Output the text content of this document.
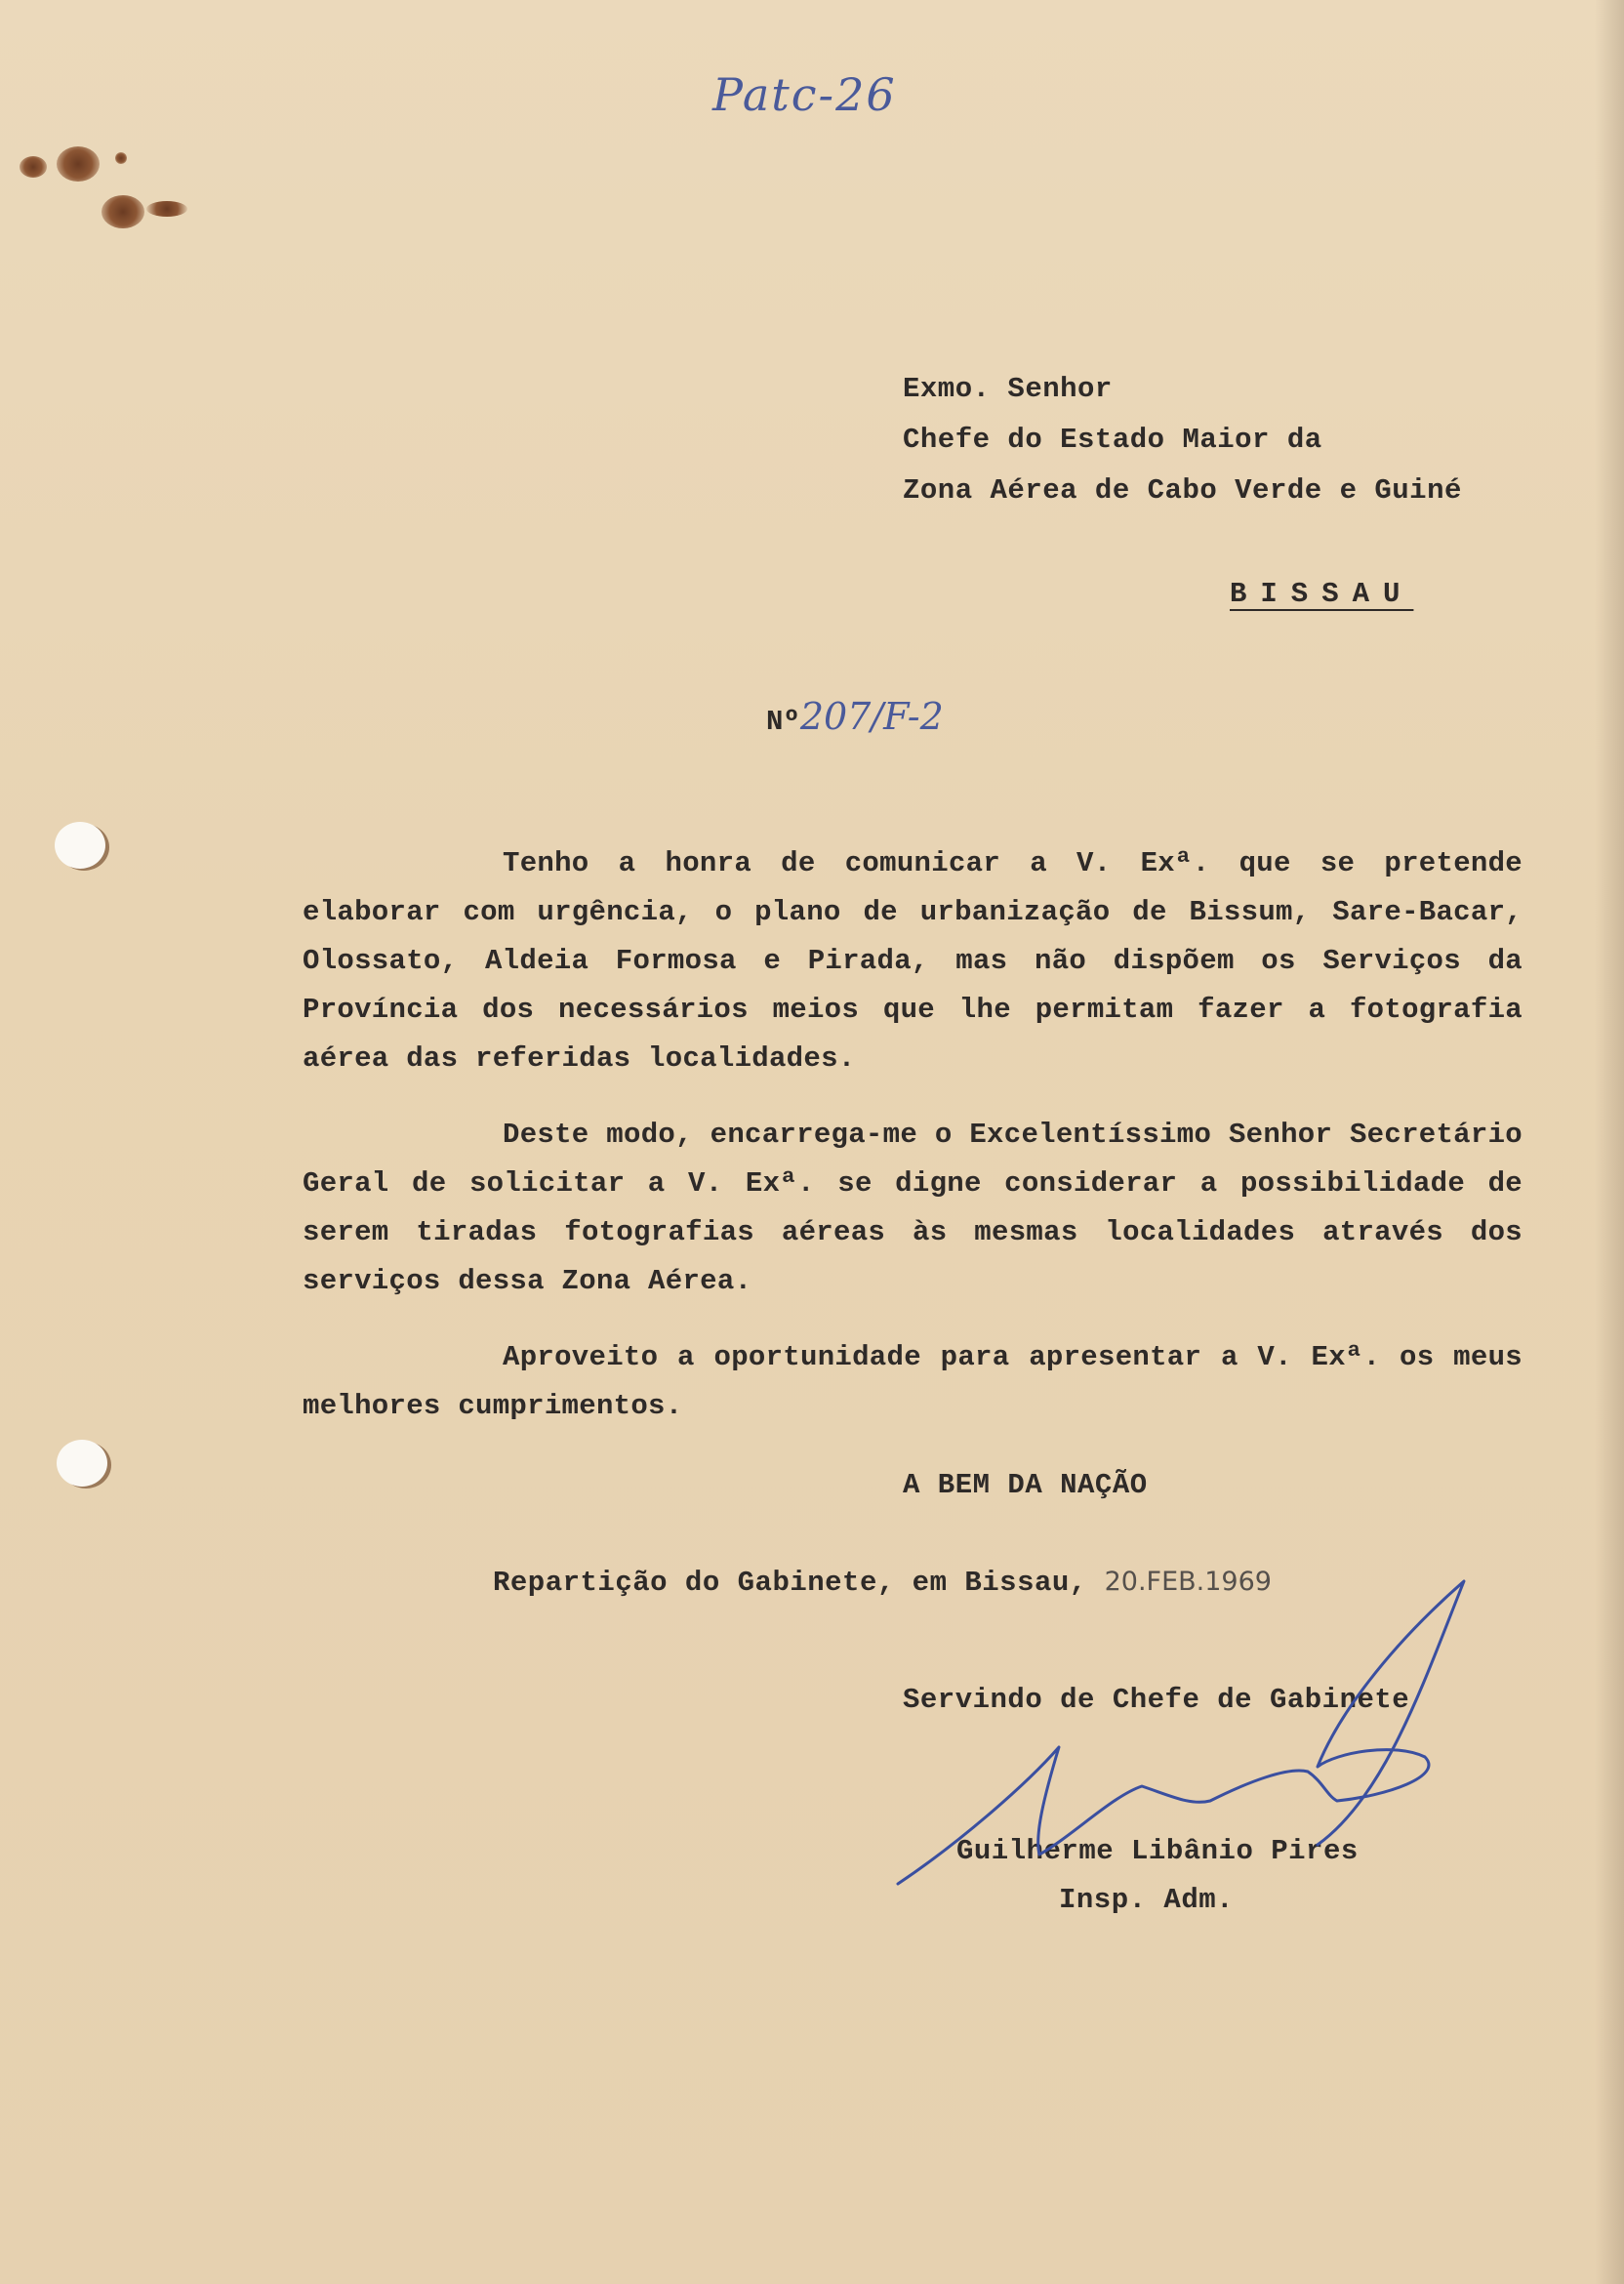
Patc-26
Exmo. Senhor
Chefe do Estado Maior da
Zona Aérea de Cabo Verde e Guiné
BISSAU
Nº207/F-2

Tenho a honra de comunicar a V. Exª. que se pretende elaborar com urgência, o plano de urbanização de Bissum, Sare-Bacar, Olossato, Aldeia Formosa e Pirada, mas não dispõem os Serviços da Província dos necessários meios que lhe permitam fazer a fotografia aérea das referidas localidades.

Deste modo, encarrega-me o Excelentíssimo Senhor Secretário Geral de solicitar a V. Exª. se digne considerar a possibilidade de serem tiradas fotografias aéreas às mesmas localidades através dos serviços dessa Zona Aérea.

Aproveito a oportunidade para apresentar a V. Exª. os meus melhores cumprimentos.

A BEM DA NAÇÃO
Repartição do Gabinete, em Bissau, 20.FEB.1969
Servindo de Chefe de Gabinete
Guilherme Libânio Pires
Insp. Adm.
